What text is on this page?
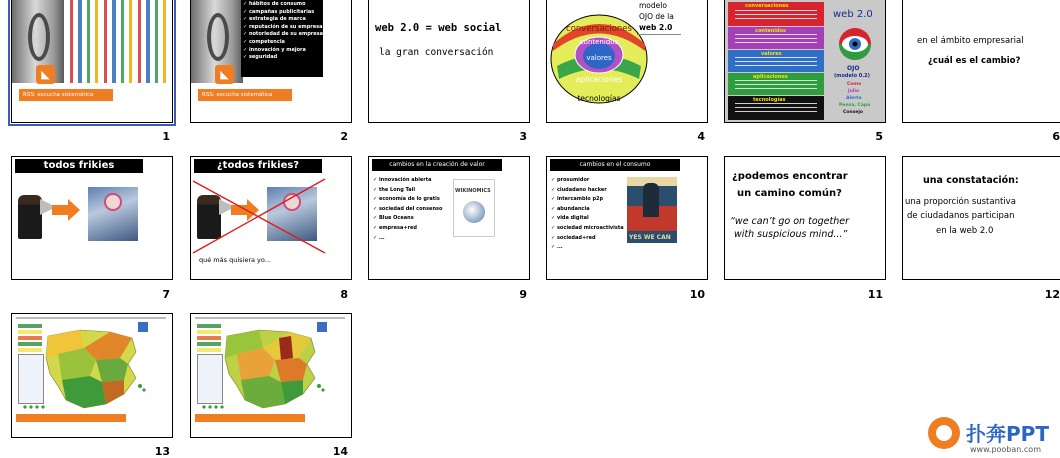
◣
RSS: escucha sistemática
1
✓ hábitos de consumo
✓ campañas publicitarias
✓ estrategia de marca
✓ reputación de su empresa
✓ notoriedad de su empresa
✓ competencia
✓ innovación y mejora
✓ seguridad
◣
RSS: escucha sistemática
2
web 2.0 = web social
la gran conversación
3
conversaciones
contenidos
valores
aplicaciones
tecnologías
modelo
OJO de la
web 2.0
4
conversaciones
contenidos
valores
aplicaciones
tecnologías
web 2.0
OJO
(modelo 0.2)
Como
Julio
Alerto
Pensa, Capa
Consejo
5
en el ámbito empresarial
¿cuál es el cambio?
6
todos frikies
7
¿todos frikies?
qué más quisiera yo...
8
cambios en la creación de valor
✓ innovación abierta
✓ the Long Tail
✓ economía de lo gratis
✓ sociedad del consenso
✓ Blue Oceans
✓ empresa+red
✓ ...
WIKINOMICS
9
cambios en el consumo
✓ prosumidor
✓ ciudadano hacker
✓ intercambio p2p
✓ abundancia
✓ vida digital
✓ sociedad microactivista
✓ sociedad+red
✓ ...
YES WE CAN
10
¿podemos encontrar
un camino común?
“we can’t go on together
with suspicious mind...”
11
una constatación:
una proporción sustantiva
de ciudadanos participan
en la web 2.0
12
13	14
扑奔PPT
www.pooban.com
